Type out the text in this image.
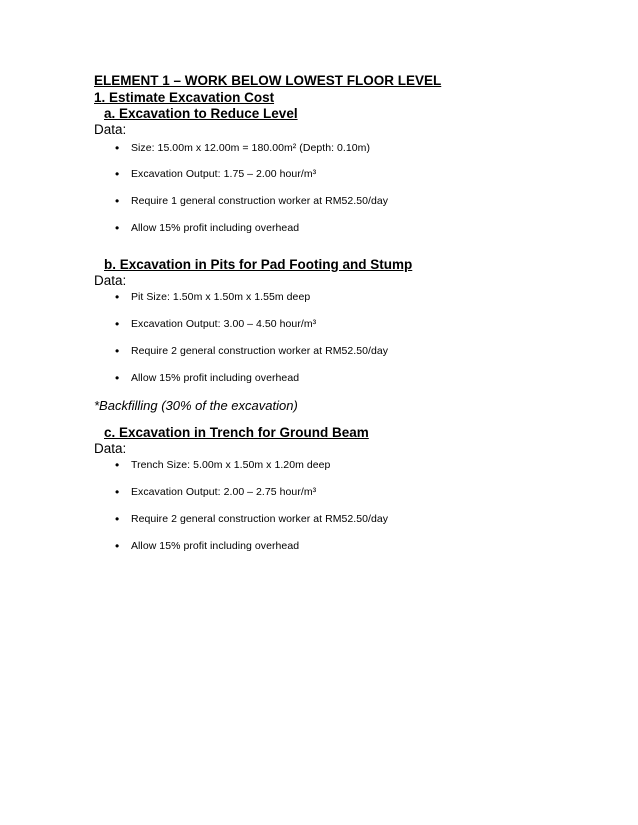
ELEMENT 1 – WORK BELOW LOWEST FLOOR LEVEL
1. Estimate Excavation Cost
a. Excavation to Reduce Level
Data:
• Size: 15.00m x 12.00m = 180.00m² (Depth: 0.10m)
• Excavation Output: 1.75 – 2.00 hour/m³
• Require 1 general construction worker at RM52.50/day
• Allow 15% profit including overhead
b. Excavation in Pits for Pad Footing and Stump
Data:
• Pit Size: 1.50m x 1.50m x 1.55m deep
• Excavation Output: 3.00 – 4.50 hour/m³
• Require 2 general construction worker at RM52.50/day
• Allow 15% profit including overhead
*Backfilling (30% of the excavation)
c. Excavation in Trench for Ground Beam
Data:
• Trench Size: 5.00m x 1.50m x 1.20m deep
• Excavation Output: 2.00 – 2.75 hour/m³
• Require 2 general construction worker at RM52.50/day
• Allow 15% profit including overhead
